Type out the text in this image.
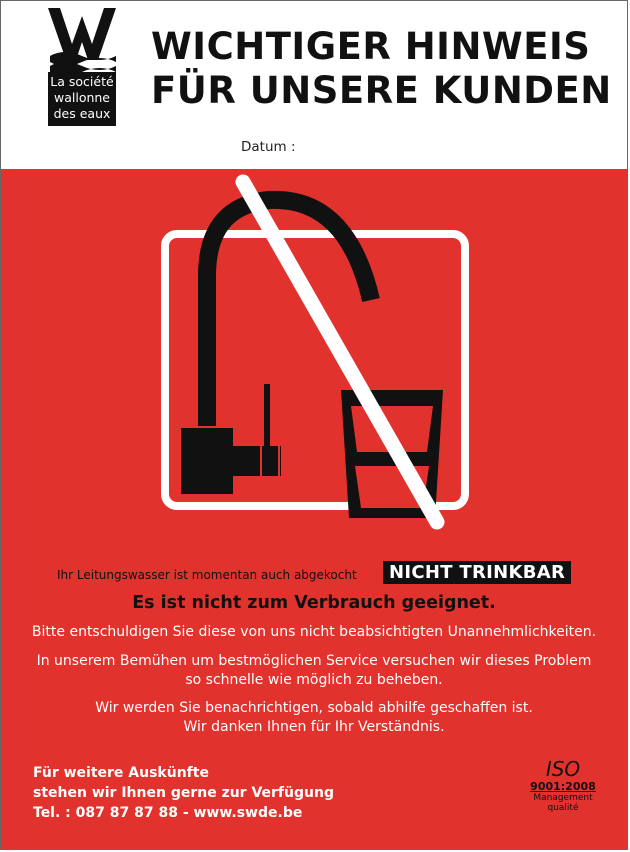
La société
wallonne
des eaux
WICHTIGER HINWEIS
FÜR UNSERE KUNDEN
Datum :
Ihr Leitungswasser ist momentan auch abgekocht	NICHT TRINKBAR
Es ist nicht zum Verbrauch geeignet.
Bitte entschuldigen Sie diese von uns nicht beabsichtigten Unannehmlichkeiten.
In unserem Bemühen um bestmöglichen Service versuchen wir dieses Problem
so schnelle wie möglich zu beheben.
Wir werden Sie benachrichtigen, sobald abhilfe geschaffen ist.
Wir danken Ihnen für Ihr Verständnis.
Für weitere Auskünfte
stehen wir Ihnen gerne zur Verfügung
Tel. : 087 87 87 88 - www.swde.be
ISO
9001:2008
Management
qualité
